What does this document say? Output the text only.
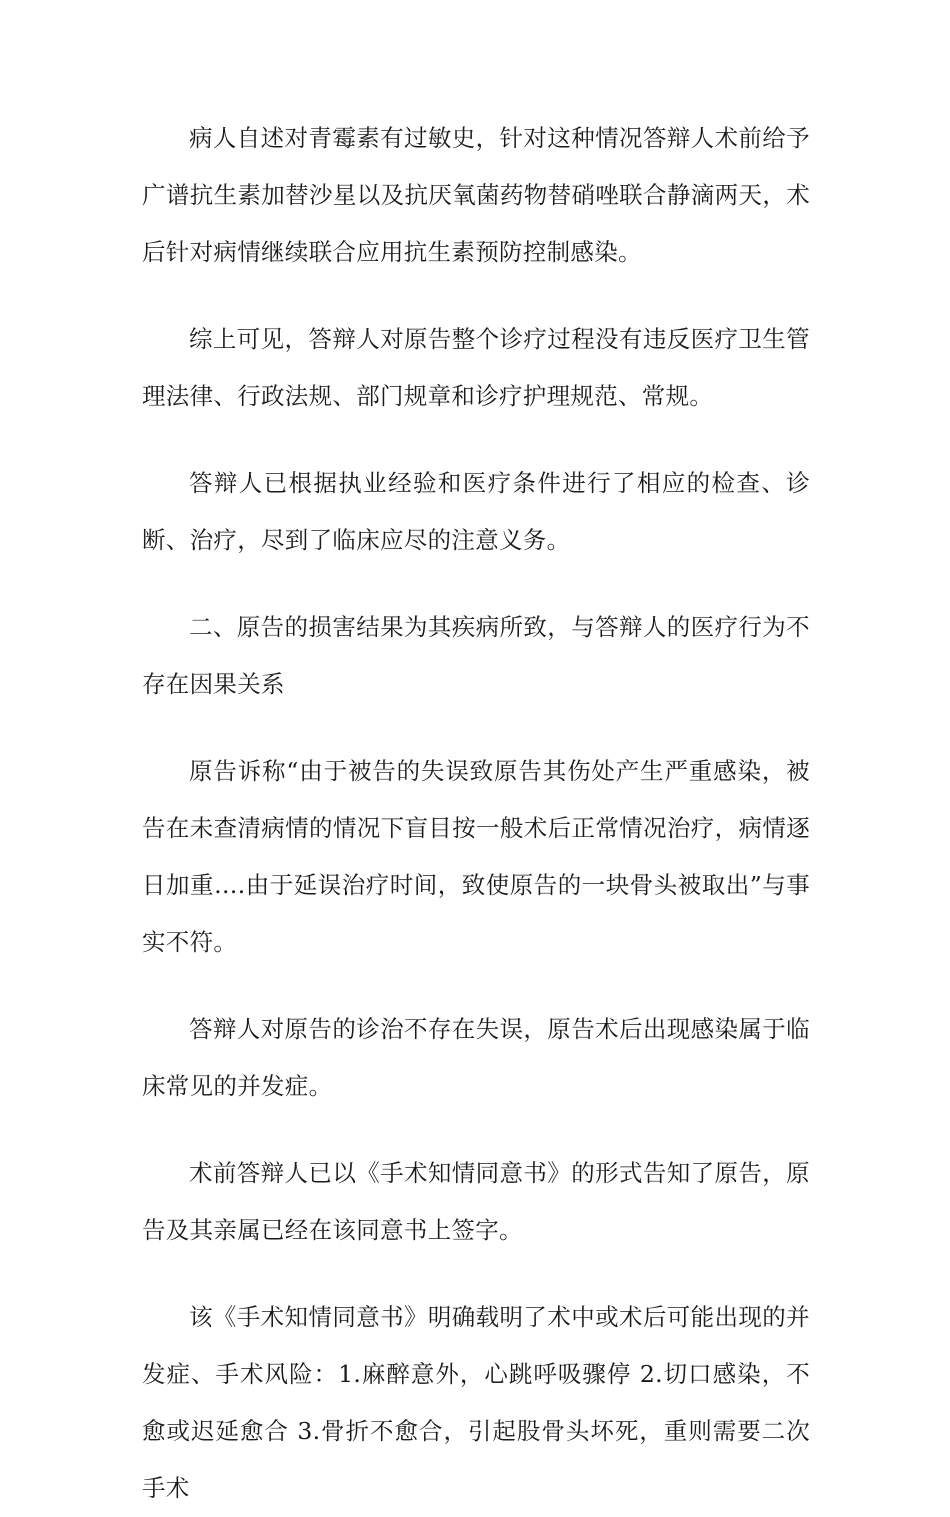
病人自述对青霉素有过敏史，针对这种情况答辩人术前给予广谱抗生素加替沙星以及抗厌氧菌药物替硝唑联合静滴两天，术后针对病情继续联合应用抗生素预防控制感染。

综上可见，答辩人对原告整个诊疗过程没有违反医疗卫生管理法律、行政法规、部门规章和诊疗护理规范、常规。

答辩人已根据执业经验和医疗条件进行了相应的检查、诊断、治疗，尽到了临床应尽的注意义务。

二、原告的损害结果为其疾病所致，与答辩人的医疗行为不存在因果关系

原告诉称“由于被告的失误致原告其伤处产生严重感染，被告在未查清病情的情况下盲目按一般术后正常情况治疗，病情逐日加重….由于延误治疗时间，致使原告的一块骨头被取出”与事实不符。

答辩人对原告的诊治不存在失误，原告术后出现感染属于临床常见的并发症。

术前答辩人已以《手术知情同意书》的形式告知了原告，原告及其亲属已经在该同意书上签字。

该《手术知情同意书》明确载明了术中或术后可能出现的并发症、手术风险：1.麻醉意外，心跳呼吸骤停 2.切口感染，不愈或迟延愈合 3.骨折不愈合，引起股骨头坏死，重则需要二次手术
